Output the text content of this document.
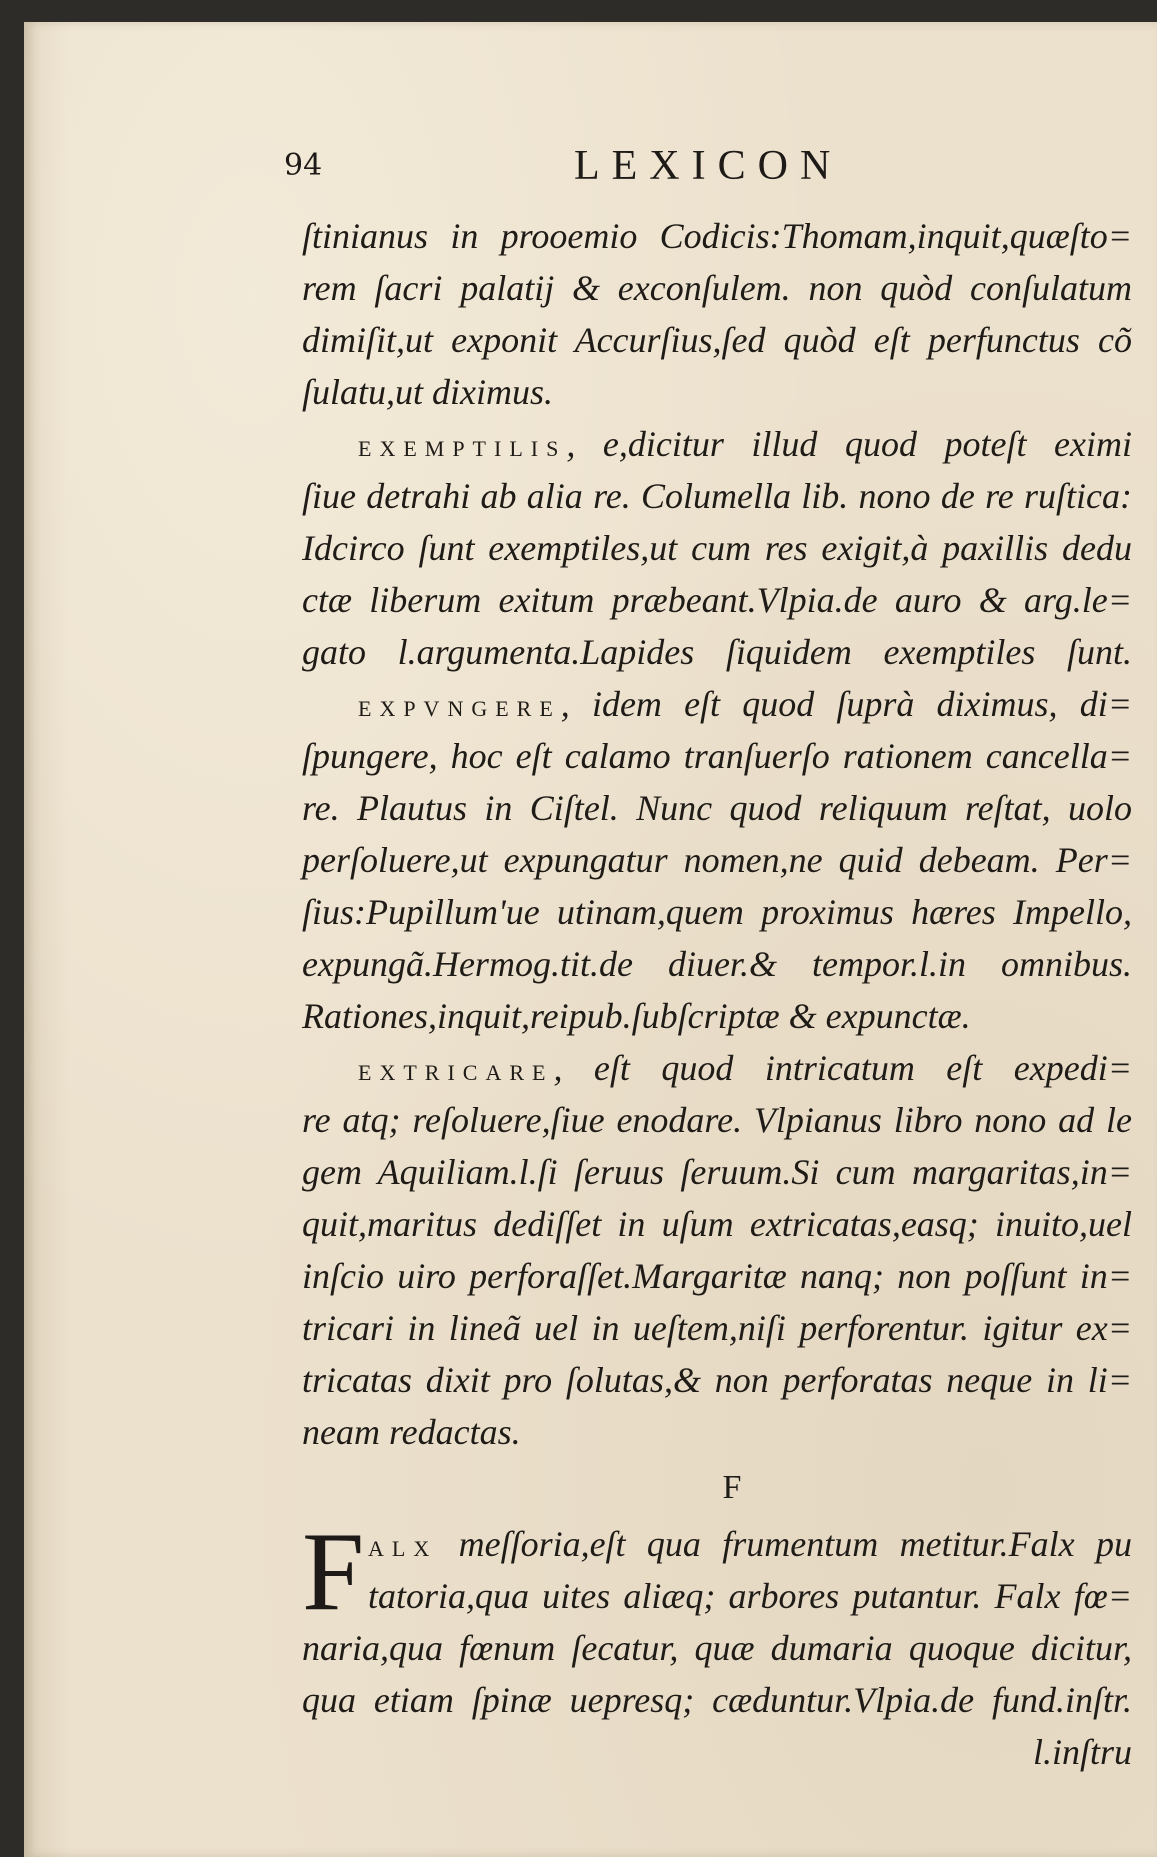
94	LEXICON
ſtinianus in prooemio Codicis:Thomam,inquit,quæſto=
rem ſacri palatij & exconſulem. non quòd conſulatum
dimiſit,ut exponit Accurſius,ſed quòd eſt perfunctus cõ
ſulatu,ut diximus.
EXEMPTILIS, e,dicitur illud quod poteſt eximi
ſiue detrahi ab alia re. Columella lib. nono de re ruſtica:
Idcirco ſunt exemptiles,ut cum res exigit,à paxillis dedu
ctæ liberum exitum præbeant.Vlpia.de auro & arg.le=
gato l.argumenta.Lapides ſiquidem exemptiles ſunt.
EXPVNGERE, idem eſt quod ſuprà diximus, di=
ſpungere, hoc eſt calamo tranſuerſo rationem cancella=
re. Plautus in Ciſtel. Nunc quod reliquum reſtat, uolo
perſoluere,ut expungatur nomen,ne quid debeam. Per=
ſius:Pupillum'ue utinam,quem proximus hæres Impello,
expungã.Hermog.tit.de diuer.& tempor.l.in omnibus.
Rationes,inquit,reipub.ſubſcriptæ & expunctæ.
EXTRICARE, eſt quod intricatum eſt expedi=
re atq; reſoluere,ſiue enodare. Vlpianus libro nono ad le
gem Aquiliam.l.ſi ſeruus ſeruum.Si cum margaritas,in=
quit,maritus dediſſet in uſum extricatas,easq; inuito,uel
inſcio uiro perforaſſet.Margaritæ nanq; non poſſunt in=
tricari in lineã uel in ueſtem,niſi perforentur. igitur ex=
tricatas dixit pro ſolutas,& non perforatas neque in li=
neam redactas.
F
F ALX meſſoria,eſt qua frumentum metitur.Falx pu
tatoria,qua uites aliæq; arbores putantur. Falx fœ=
naria,qua fœnum ſecatur, quæ dumaria quoque dicitur,
qua etiam ſpinæ uepresq; cæduntur.Vlpia.de fund.inſtr.
l.inſtru
